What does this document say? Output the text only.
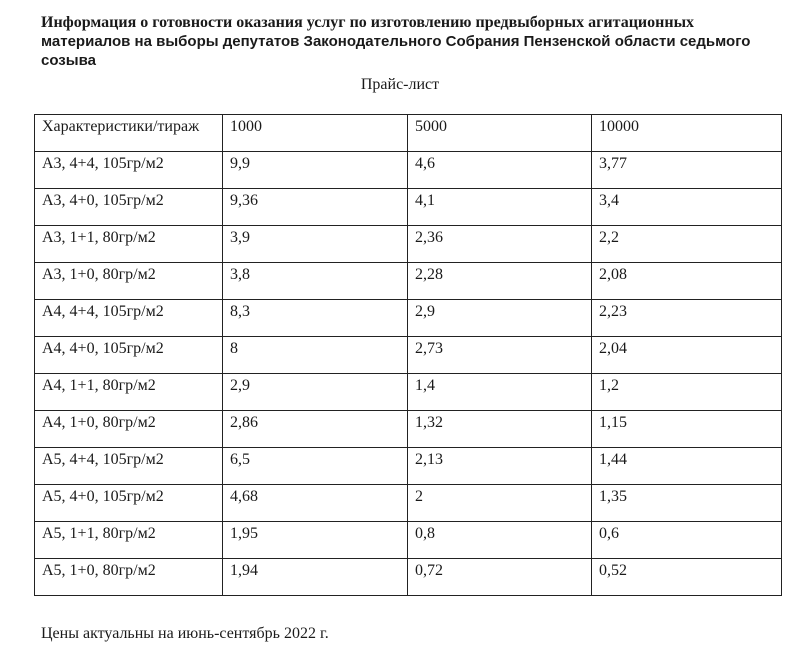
Информация о готовности оказания услуг по изготовлению предвыборных агитационных
материалов на выборы депутатов Законодательного Собрания Пензенской области седьмого
созыва
Прайс-лист
Характеристики/тираж	1000	5000	10000
А3, 4+4, 105гр/м2	9,9	4,6	3,77
А3, 4+0, 105гр/м2	9,36	4,1	3,4
А3, 1+1, 80гр/м2	3,9	2,36	2,2
А3, 1+0, 80гр/м2	3,8	2,28	2,08
А4, 4+4, 105гр/м2	8,3	2,9	2,23
А4, 4+0, 105гр/м2	8	2,73	2,04
А4, 1+1, 80гр/м2	2,9	1,4	1,2
А4, 1+0, 80гр/м2	2,86	1,32	1,15
А5, 4+4, 105гр/м2	6,5	2,13	1,44
А5, 4+0, 105гр/м2	4,68	2	1,35
А5, 1+1, 80гр/м2	1,95	0,8	0,6
А5, 1+0, 80гр/м2	1,94	0,72	0,52
Цены актуальны на июнь-сентябрь 2022 г.
